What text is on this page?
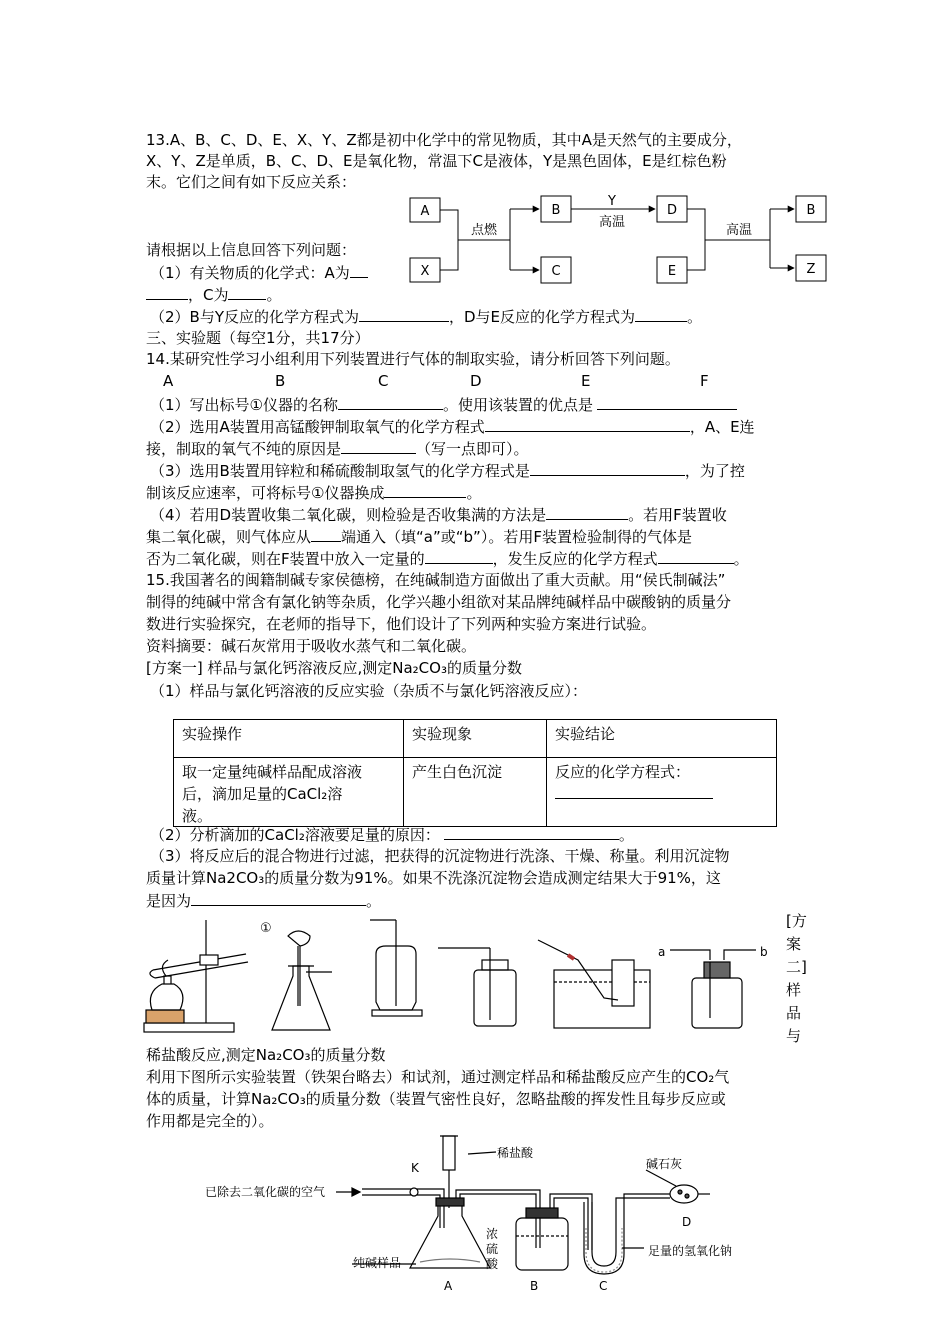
13.A、B、C、D、E、X、Y、Z都是初中化学中的常见物质，其中A是天然气的主要成分，
X、Y、Z是单质，B、C、D、E是氧化物，常温下C是液体，Y是黑色固体，E是红棕色粉
末。它们之间有如下反应关系：
A
X
B
C
D
E
B
Z
点燃
Y
高温
高温
请根据以上信息回答下列问题：
（1）有关物质的化学式：A为
，C为	。
（2）B与Y反应的化学方程式为	，D与E反应的化学方程式为	。
三、实验题（每空1分，共17分）
14.某研究性学习小组利用下列装置进行气体的制取实验，请分析回答下列问题。
A	B	C	D	E	F
（1）写出标号①仪器的名称	。使用该装置的优点是
（2）选用A装置用高锰酸钾制取氧气的化学方程式	，A、E连
接，制取的氧气不纯的原因是	（写一点即可）。
（3）选用B装置用锌粒和稀硫酸制取氢气的化学方程式是	，为了控
制该反应速率，可将标号①仪器换成	。
（4）若用D装置收集二氧化碳，则检验是否收集满的方法是	。若用F装置收
集二氧化碳，则气体应从 端通入（填“a”或“b”）。若用F装置检验制得的气体是
否为二氧化碳，则在F装置中放入一定量的	，发生反应的化学方程式	。
15.我国著名的闽籍制碱专家侯德榜，在纯碱制造方面做出了重大贡献。用“侯氏制碱法”
制得的纯碱中常含有氯化钠等杂质，化学兴趣小组欲对某品牌纯碱样品中碳酸钠的质量分
数进行实验探究，在老师的指导下，他们设计了下列两种实验方案进行试验。
资料摘要：碱石灰常用于吸收水蒸气和二氧化碳。
[方案一] 样品与氯化钙溶液反应,测定Na₂CO₃的质量分数
（1）样品与氯化钙溶液的反应实验（杂质不与氯化钙溶液反应）：
实验操作	实验现象	实验结论

取一定量纯碱样品配成溶液
后，滴加足量的CaCl₂溶
液。	产生白色沉淀	反应的化学方程式：
（2）分析滴加的CaCl₂溶液要足量的原因：	。
（3）将反应后的混合物进行过滤，把获得的沉淀物进行洗涤、干燥、称量。利用沉淀物
质量计算Na2CO₃的质量分数为91%。如果不洗涤沉淀物会造成测定结果大于91%，这
是因为	。
①
a	b
[方
案
二]
样
品
与
稀盐酸反应,测定Na₂CO₃的质量分数
利用下图所示实验装置（铁架台略去）和试剂，通过测定样品和稀盐酸反应产生的CO₂气
体的质量，计算Na₂CO₃的质量分数（装置气密性良好，忽略盐酸的挥发性且每步反应或
作用都是完全的）。
已除去二氧化碳的空气
K
稀盐酸
碱石灰
纯碱样品
浓
硫
酸
足量的氢氧化钠
A	B	C
D
